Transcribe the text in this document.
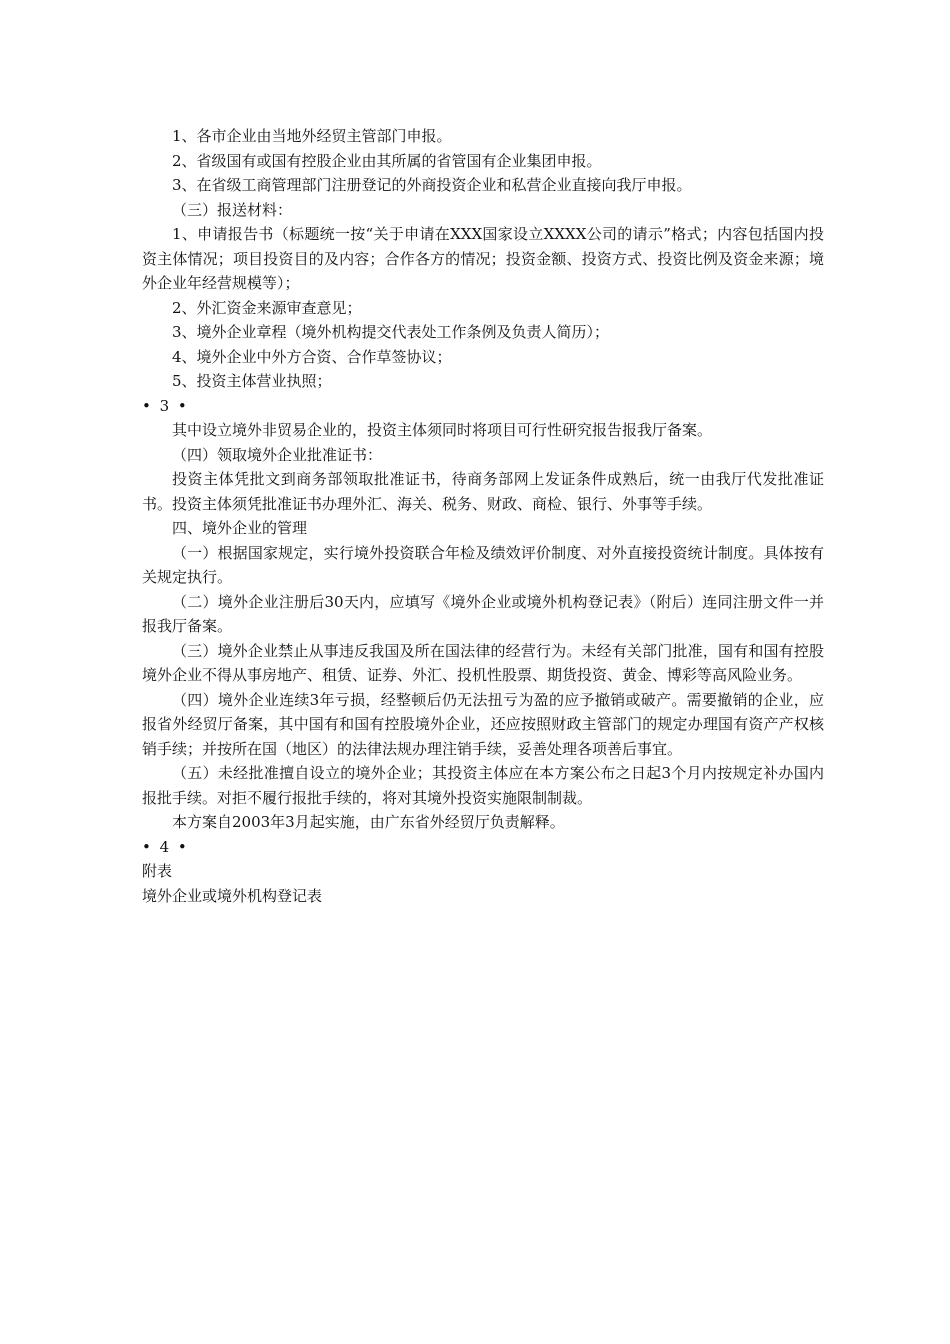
1、各市企业由当地外经贸主管部门申报。

2、省级国有或国有控股企业由其所属的省管国有企业集团申报。

3、在省级工商管理部门注册登记的外商投资企业和私营企业直接向我厅申报。

（三）报送材料：

1、申请报告书（标题统一按“关于申请在XXX国家设立XXXX公司的请示”格式；内容包括国内投资主体情况；项目投资目的及内容；合作各方的情况；投资金额、投资方式、投资比例及资金来源；境外企业年经营规模等）；

2、外汇资金来源审查意见；

3、境外企业章程（境外机构提交代表处工作条例及负责人简历）；

4、境外企业中外方合资、合作草签协议；

5、投资主体营业执照；

• 3 •

其中设立境外非贸易企业的，投资主体须同时将项目可行性研究报告报我厅备案。

（四）领取境外企业批准证书：

投资主体凭批文到商务部领取批准证书，待商务部网上发证条件成熟后，统一由我厅代发批准证书。投资主体须凭批准证书办理外汇、海关、税务、财政、商检、银行、外事等手续。

四、境外企业的管理

（一）根据国家规定，实行境外投资联合年检及绩效评价制度、对外直接投资统计制度。具体按有关规定执行。

（二）境外企业注册后30天内，应填写《境外企业或境外机构登记表》（附后）连同注册文件一并报我厅备案。

（三）境外企业禁止从事违反我国及所在国法律的经营行为。未经有关部门批准，国有和国有控股境外企业不得从事房地产、租赁、证券、外汇、投机性股票、期货投资、黄金、博彩等高风险业务。

（四）境外企业连续3年亏损，经整顿后仍无法扭亏为盈的应予撤销或破产。需要撤销的企业，应报省外经贸厅备案，其中国有和国有控股境外企业，还应按照财政主管部门的规定办理国有资产产权核销手续；并按所在国（地区）的法律法规办理注销手续，妥善处理各项善后事宜。

（五）未经批准擅自设立的境外企业；其投资主体应在本方案公布之日起3个月内按规定补办国内报批手续。对拒不履行报批手续的，将对其境外投资实施限制制裁。

本方案自2003年3月起实施，由广东省外经贸厅负责解释。

• 4 •

附表

境外企业或境外机构登记表
